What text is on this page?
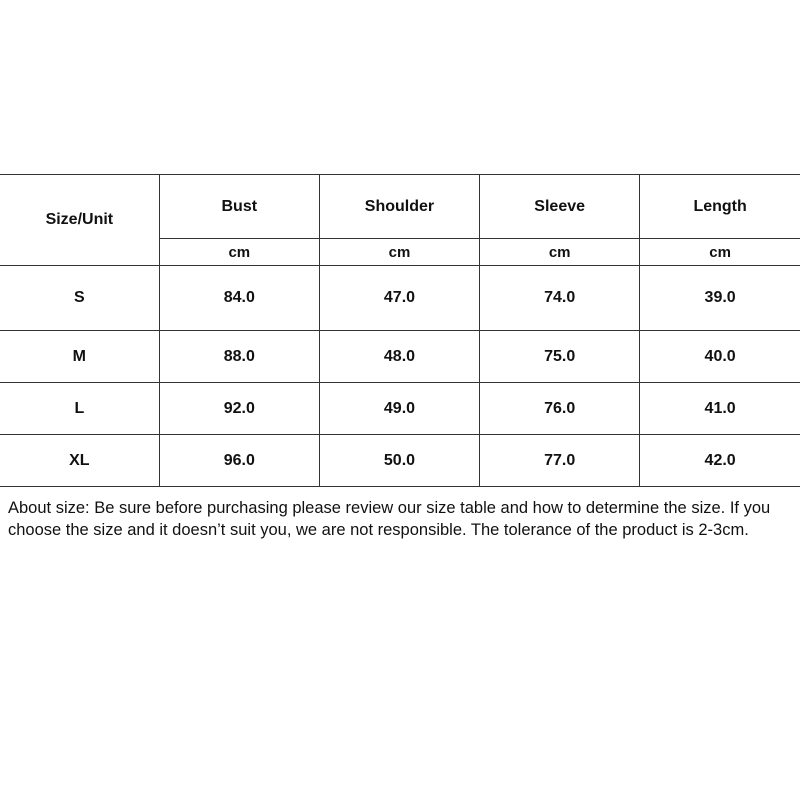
Size/Unit	Bust	Shoulder	Sleeve	Length
	cm	cm	cm	cm
S	84.0	47.0	74.0	39.0
M	88.0	48.0	75.0	40.0
L	92.0	49.0	76.0	41.0
XL	96.0	50.0	77.0	42.0

About size: Be sure before purchasing please review our size table and how to determine the size. If you choose the size and it doesn’t suit you, we are not responsible. The tolerance of the product is 2-3cm.
